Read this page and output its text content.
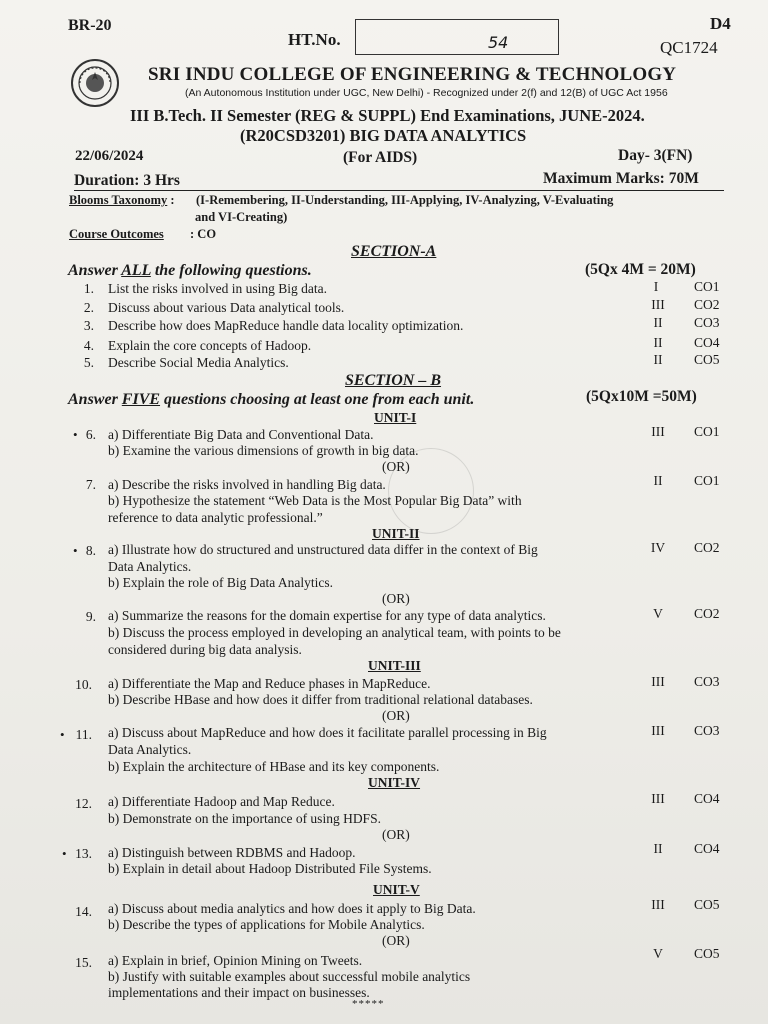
BR-20
HT.No.	54
D4
QC1724
SRI INDU COLLEGE OF ENGINEERING & TECHNOLOGY
(An Autonomous Institution under UGC, New Delhi) - Recognized under 2(f) and 12(B) of UGC Act 1956
III B.Tech. II Semester (REG & SUPPL) End Examinations, JUNE-2024.
(R20CSD3201) BIG DATA ANALYTICS
22/06/2024	(For AIDS)	Day- 3(FN)
Duration: 3 Hrs	Maximum Marks: 70M
Blooms Taxonomy : (I-Remembering, II-Understanding, III-Applying, IV-Analyzing, V-Evaluating
and VI-Creating)
Course Outcomes : CO
SECTION-A
Answer ALL the following questions.	(5Qx 4M = 20M)
1. List the risks involved in using Big data.	I	CO1
2. Discuss about various Data analytical tools.	III CO2
3. Describe how does MapReduce handle data locality optimization.	II	CO3
4. Explain the core concepts of Hadoop.	II	CO4
5. Describe Social Media Analytics.	II	CO5
SECTION – B
Answer FIVE questions choosing at least one from each unit.	(5Qx10M =50M)
UNIT-I
• 6. a) Differentiate Big Data and Conventional Data.
b) Examine the various dimensions of growth in big data.
III CO1
(OR)
7. a) Describe the risks involved in handling Big data.
b) Hypothesize the statement “Web Data is the Most Popular Big Data” with
reference to data analytic professional.”
II	CO1
UNIT-II
• 8. a) Illustrate how do structured and unstructured data differ in the context of Big
Data Analytics.
b) Explain the role of Big Data Analytics.
IV CO2
(OR)
9. a) Summarize the reasons for the domain expertise for any type of data analytics.
b) Discuss the process employed in developing an analytical team, with points to be
considered during big data analysis.
V	CO2
UNIT-III
10. a) Differentiate the Map and Reduce phases in MapReduce.
b) Describe HBase and how does it differ from traditional relational databases.
III CO3
(OR)
• 11. a) Discuss about MapReduce and how does it facilitate parallel processing in Big
Data Analytics.
b) Explain the architecture of HBase and its key components.
III CO3
UNIT-IV
12. a) Differentiate Hadoop and Map Reduce.
b) Demonstrate on the importance of using HDFS.
III CO4
(OR)
• 13. a) Distinguish between RDBMS and Hadoop.
b) Explain in detail about Hadoop Distributed File Systems.
II	CO4
UNIT-V
14. a) Discuss about media analytics and how does it apply to Big Data.
b) Describe the types of applications for Mobile Analytics.
III CO5
(OR)
15. a) Explain in brief, Opinion Mining on Tweets.
b) Justify with suitable examples about successful mobile analytics
implementations and their impact on businesses.
V	CO5
*****
